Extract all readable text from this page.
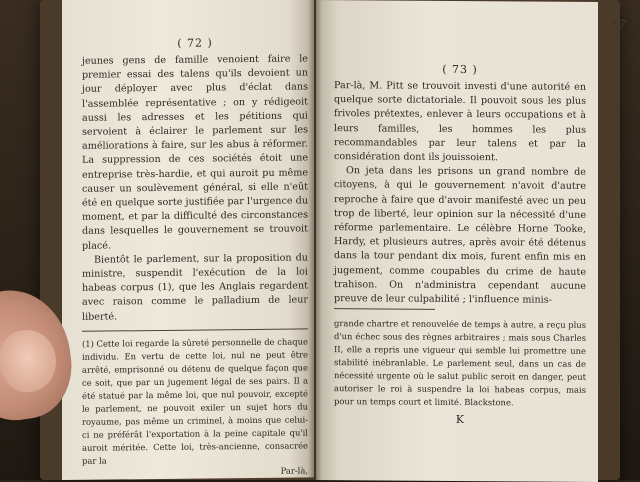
( 72 )

jeunes gens de famille venoient faire le premier essai des talens qu'ils devoient un jour déployer avec plus d'éclat dans l'assemblée représentative ; on y rédigeoit aussi les adresses et les pétitions qui servoient à éclairer le parlement sur les améliorations à faire, sur les abus à réformer. La suppression de ces sociétés étoit une entreprise très-hardie, et qui auroit pu même causer un soulèvement général, si elle n'eût été en quelque sorte justifiée par l'urgence du moment, et par la difficulté des circonstances dans lesquelles le gouvernement se trouvoit placé.

Bientôt le parlement, sur la proposition du ministre, suspendit l'exécution de la loi habeas corpus (1), que les Anglais regardent avec raison comme le palladium de leur liberté.

(1) Cette loi regarde la sûreté personnelle de chaque individu. En vertu de cette loi, nul ne peut être arrêté, emprisonné ou détenu de quelque façon que ce soit, que par un jugement légal de ses pairs. Il a été statué par la même loi, que nul pouvoir, excepté le parlement, ne pouvoit exiler un sujet hors du royaume, pas même un criminel, à moins que celui-ci ne préférât l'exportation à la peine capitale qu'il auroit méritée. Cette loi, très-ancienne, consacrée par la

Par-là,
( 73 )

Par-là, M. Pitt se trouvoit investi d'une autorité en quelque sorte dictatoriale. Il pouvoit sous les plus frivoles prétextes, enlever à leurs occupations et à leurs familles, les hommes les plus recommandables par leur talens et par la considération dont ils jouissoient.

On jeta dans les prisons un grand nombre de citoyens, à qui le gouvernement n'avoit d'autre reproche à faire que d'avoir manifesté avec un peu trop de liberté, leur opinion sur la nécessité d'une réforme parlementaire. Le célèbre Horne Tooke, Hardy, et plusieurs autres, après avoir été détenus dans la tour pendant dix mois, furent enfin mis en jugement, comme coupables du crime de haute trahison. On n'administra cependant aucune preuve de leur culpabilité ; l'influence minis-

grande chartre et renouvelée de temps à autre, a reçu plus d'un échec sous des règnes arbitraires ; mais sous Charles II, elle a repris une vigueur qui semble lui promettre une stabilité inébranlable. Le parlement seul, dans un cas de nécessité urgente où le salut public seroit en danger, peut autoriser le roi à suspendre la loi habeas corpus, mais pour un temps court et limité. Blackstone.

K
57
